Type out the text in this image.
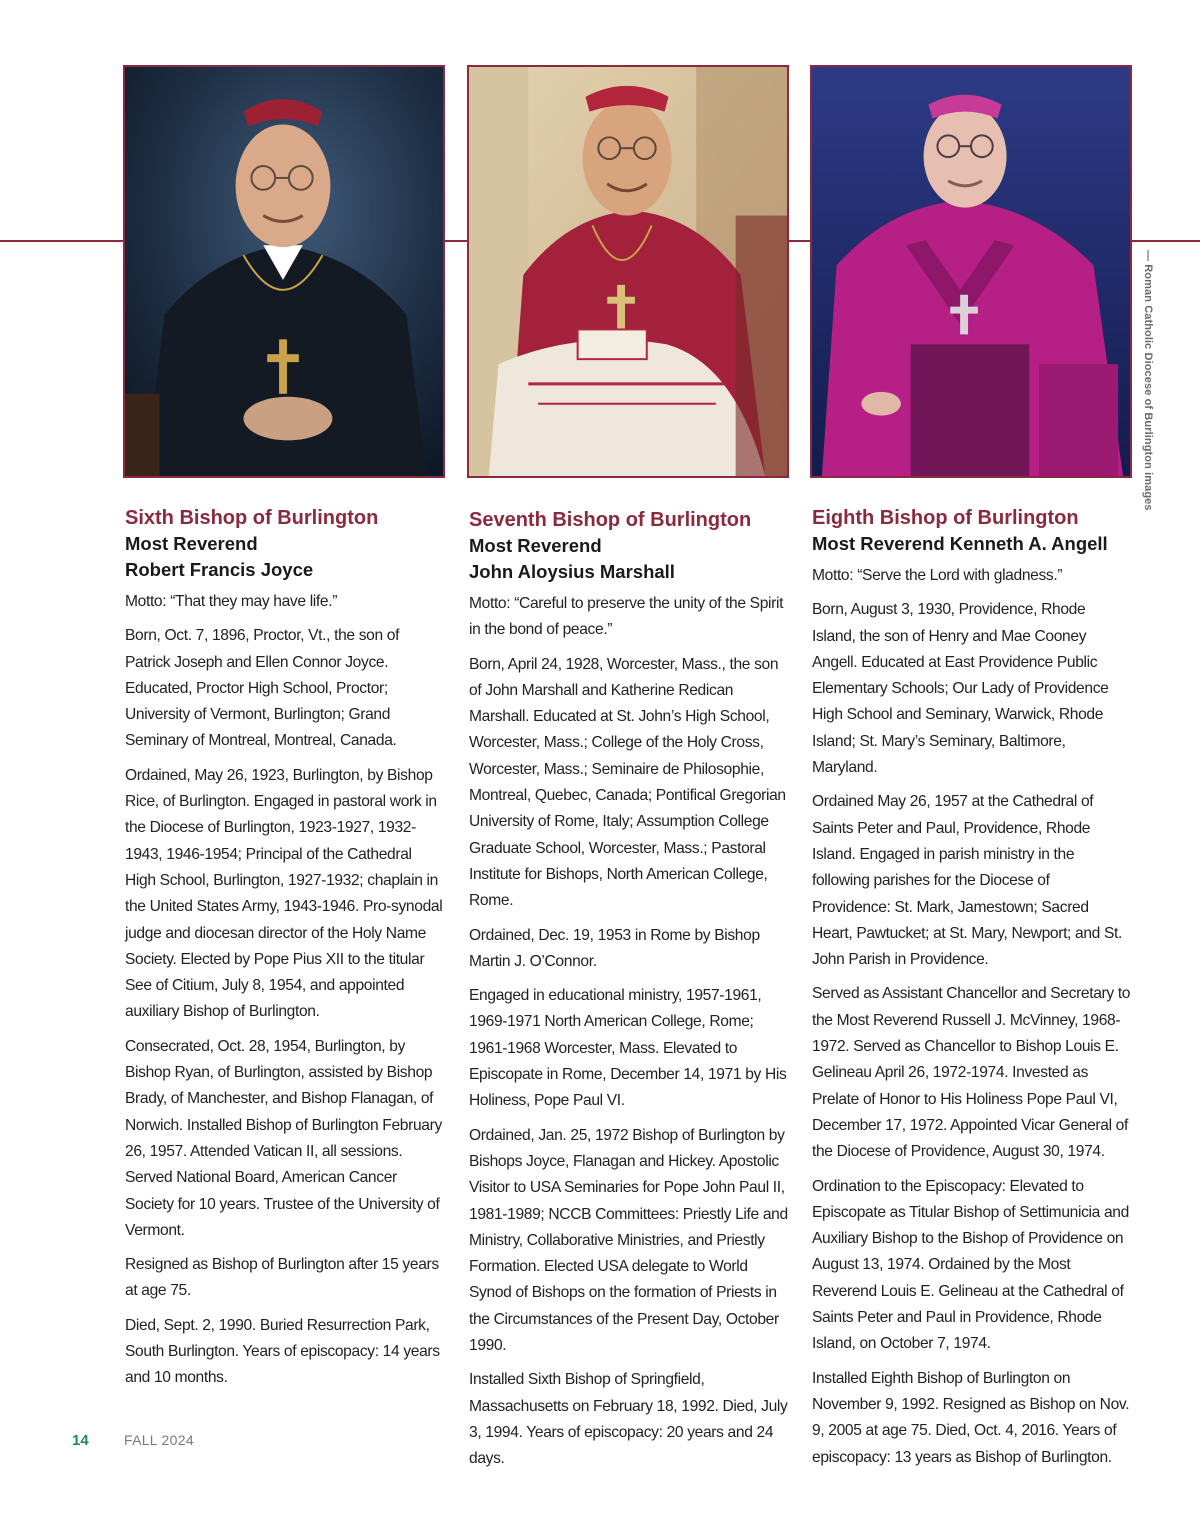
— Roman Catholic Diocese of Burlington images
Sixth Bishop of Burlington
Most Reverend
Robert Francis Joyce

Motto: “That they may have life.”

Born, Oct. 7, 1896, Proctor, Vt., the son of Patrick Joseph and Ellen Connor Joyce. Educated, Proctor High School, Proctor; University of Vermont, Burlington; Grand Seminary of Montreal, Montreal, Canada.

Ordained, May 26, 1923, Burlington, by Bishop Rice, of Burlington. Engaged in pastoral work in the Diocese of Burlington, 1923-1927, 1932-1943, 1946-1954; Principal of the Cathedral High School, Burlington, 1927-1932; chaplain in the United States Army, 1943-1946. Pro-synodal judge and diocesan director of the Holy Name Society. Elected by Pope Pius XII to the titular See of Citium, July 8, 1954, and appointed auxiliary Bishop of Burlington.

Consecrated, Oct. 28, 1954, Burlington, by Bishop Ryan, of Burlington, assisted by Bishop Brady, of Manchester, and Bishop Flanagan, of Norwich. Installed Bishop of Burlington February 26, 1957. Attended Vatican II, all sessions. Served National Board, American Cancer Society for 10 years. Trustee of the University of Vermont.

Resigned as Bishop of Burlington after 15 years at age 75.

Died, Sept. 2, 1990. Buried Resurrection Park, South Burlington. Years of episcopacy: 14 years and 10 months.

Seventh Bishop of Burlington
Most Reverend
John Aloysius Marshall

Motto: “Careful to preserve the unity of the Spirit in the bond of peace.”

Born, April 24, 1928, Worcester, Mass., the son of John Marshall and Katherine Redican Marshall. Educated at St. John’s High School, Worcester, Mass.; College of the Holy Cross, Worcester, Mass.; Seminaire de Philosophie, Montreal, Quebec, Canada; Pontifical Gregorian University of Rome, Italy; Assumption College Graduate School, Worcester, Mass.; Pastoral Institute for Bishops, North American College, Rome.

Ordained, Dec. 19, 1953 in Rome by Bishop Martin J. O’Connor.

Engaged in educational ministry, 1957-1961, 1969-1971 North American College, Rome; 1961-1968 Worcester, Mass. Elevated to Episcopate in Rome, December 14, 1971 by His Holiness, Pope Paul VI.

Ordained, Jan. 25, 1972 Bishop of Burlington by Bishops Joyce, Flanagan and Hickey. Apostolic Visitor to USA Seminaries for Pope John Paul II, 1981-1989; NCCB Committees: Priestly Life and Ministry, Collaborative Ministries, and Priestly Formation. Elected USA delegate to World Synod of Bishops on the formation of Priests in the Circumstances of the Present Day, October 1990.

Installed Sixth Bishop of Springfield, Massachusetts on February 18, 1992. Died, July 3, 1994. Years of episcopacy: 20 years and 24 days.

Eighth Bishop of Burlington
Most Reverend Kenneth A. Angell

Motto: “Serve the Lord with gladness.”

Born, August 3, 1930, Providence, Rhode Island, the son of Henry and Mae Cooney Angell. Educated at East Providence Public Elementary Schools; Our Lady of Providence High School and Seminary, Warwick, Rhode Island; St. Mary’s Seminary, Baltimore, Maryland.

Ordained May 26, 1957 at the Cathedral of Saints Peter and Paul, Providence, Rhode Island. Engaged in parish ministry in the following parishes for the Diocese of Providence: St. Mark, Jamestown; Sacred Heart, Pawtucket; at St. Mary, Newport; and St. John Parish in Providence.

Served as Assistant Chancellor and Secretary to the Most Reverend Russell J. McVinney, 1968-1972. Served as Chancellor to Bishop Louis E. Gelineau April 26, 1972-1974. Invested as Prelate of Honor to His Holiness Pope Paul VI, December 17, 1972. Appointed Vicar General of the Diocese of Providence, August 30, 1974.

Ordination to the Episcopacy: Elevated to Episcopate as Titular Bishop of Settimunicia and Auxiliary Bishop to the Bishop of Providence on August 13, 1974. Ordained by the Most Reverend Louis E. Gelineau at the Cathedral of Saints Peter and Paul in Providence, Rhode Island, on October 7, 1974.

Installed Eighth Bishop of Burlington on November 9, 1992. Resigned as Bishop on Nov. 9, 2005 at age 75. Died, Oct. 4, 2016. Years of episcopacy: 13 years as Bishop of Burlington.

14	FALL 2024
